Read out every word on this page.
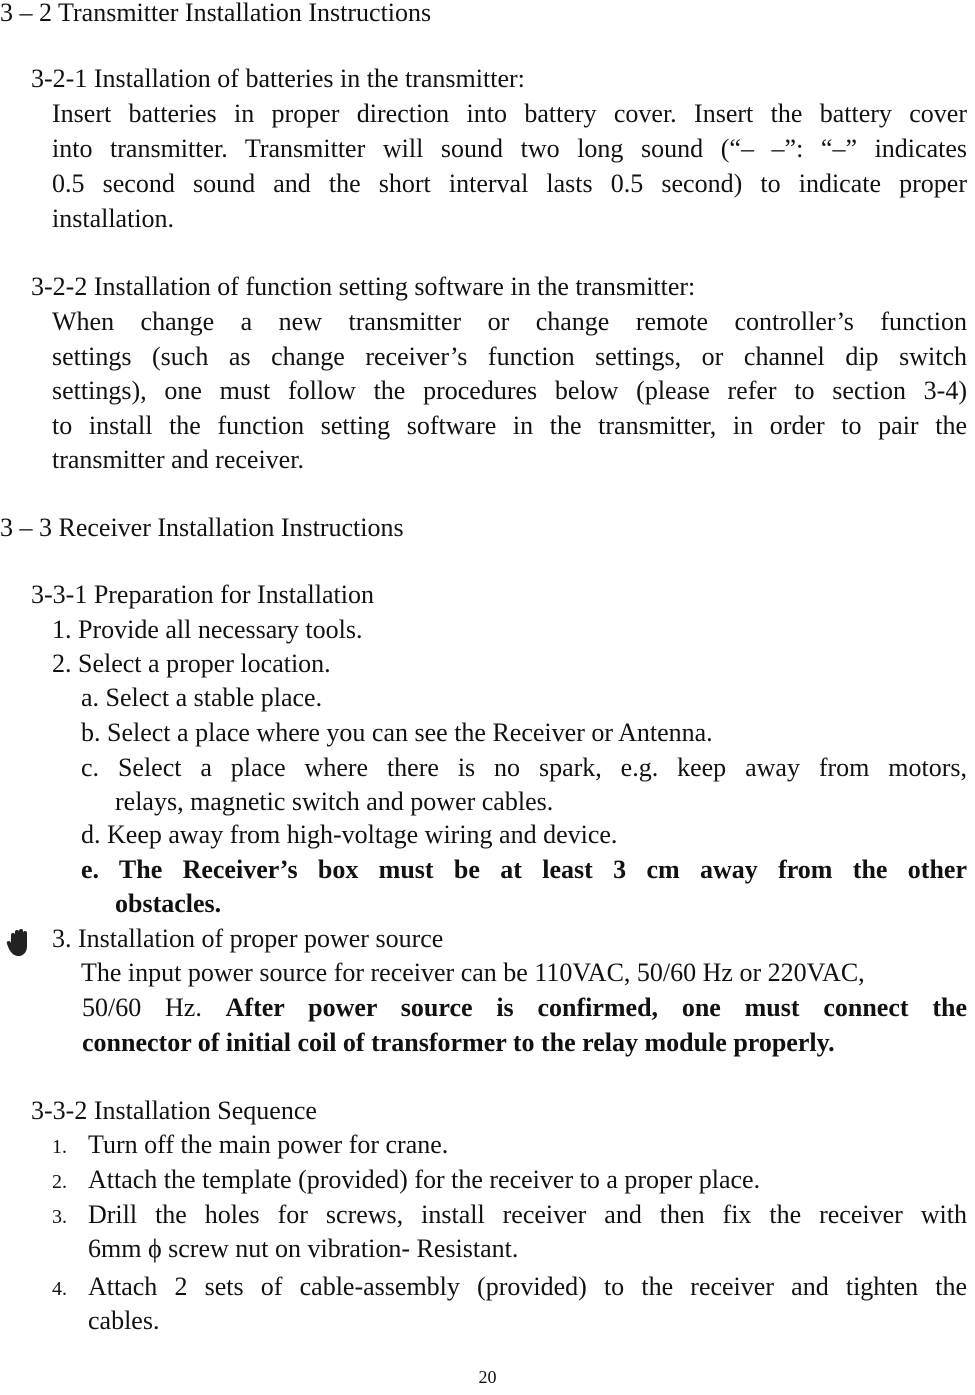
3 – 2 Transmitter Installation Instructions
3-2-1 Installation of batteries in the transmitter:
Insert batteries in proper direction into battery cover. Insert the battery cover
into transmitter. Transmitter will sound two long sound (“– –”: “–” indicates
0.5 second sound and the short interval lasts 0.5 second) to indicate proper
installation.
3-2-2 Installation of function setting software in the transmitter:
When change a new transmitter or change remote controller’s function
settings (such as change receiver’s function settings, or channel dip switch
settings), one must follow the procedures below (please refer to section 3-4)
to install the function setting software in the transmitter, in order to pair the
transmitter and receiver.
3 – 3 Receiver Installation Instructions
3-3-1 Preparation for Installation
1. Provide all necessary tools.
2. Select a proper location.
a. Select a stable place.
b. Select a place where you can see the Receiver or Antenna.
c. Select a place where there is no spark, e.g. keep away from motors,
relays, magnetic switch and power cables.
d. Keep away from high-voltage wiring and device.
e. The Receiver’s box must be at least 3 cm away from the other
obstacles.
3. Installation of proper power source
The input power source for receiver can be 110VAC, 50/60 Hz or 220VAC,
50/60 Hz. After power source is confirmed, one must connect the
connector of initial coil of transformer to the relay module properly.
3-3-2 Installation Sequence
1. Turn off the main power for crane.
2. Attach the template (provided) for the receiver to a proper place.
3. Drill the holes for screws, install receiver and then fix the receiver with
6mm ϕ screw nut on vibration- Resistant.
4. Attach 2 sets of cable-assembly (provided) to the receiver and tighten the
cables.
20
